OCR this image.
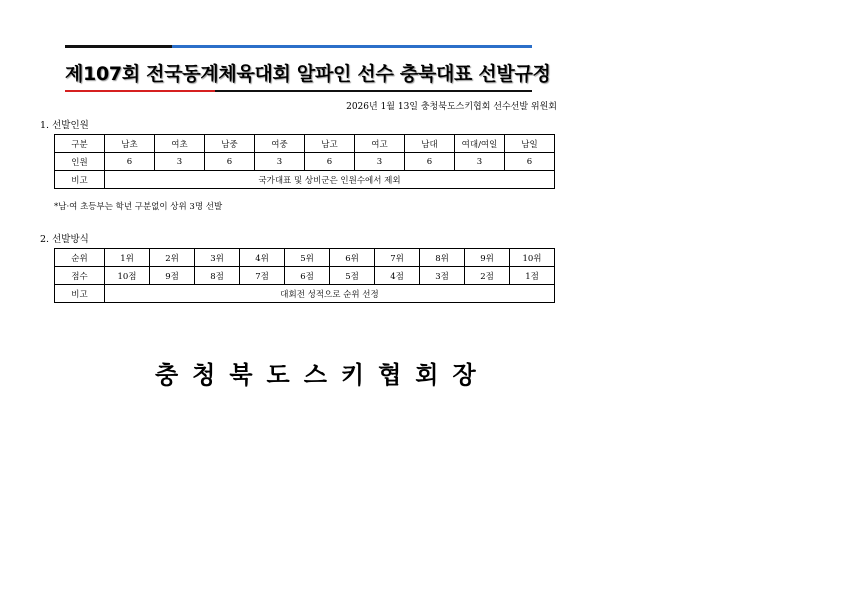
제107회 전국동계체육대회 알파인 선수 충북대표 선발규정
2026년 1월 13일 충청북도스키협회 선수선발 위원회
1. 선발인원
구분	남초	여초	남중	여중	남고	여고	남대	여대/여일	남일
인원	6	3	6	3	6	3	6	3	6
비고	국가대표 및 상비군은 인원수에서 제외								
*남·여 초등부는 학년 구분없이 상위 3명 선발
2. 선발방식
순위	1위	2위	3위	4위	5위	6위	7위	8위	9위	10위
점수	10점	9점	8점	7점	6점	5점	4점	3점	2점	1점
비고	대회전 성적으로 순위 선정									
충청북도스키협회장
